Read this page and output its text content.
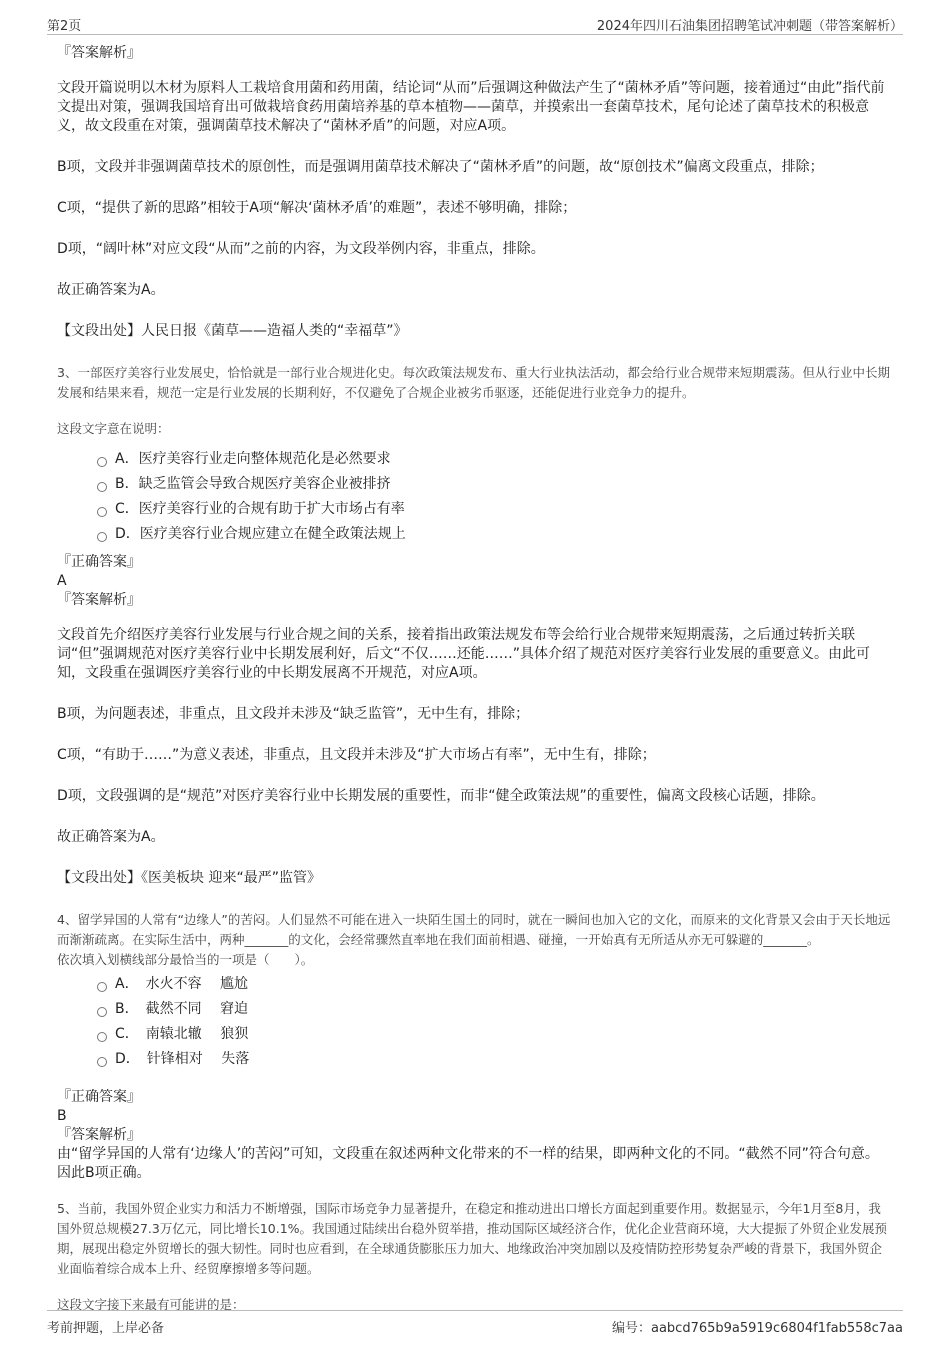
第2页	2024年四川石油集团招聘笔试冲刺题（带答案解析）
『答案解析』

文段开篇说明以木材为原料人工栽培食用菌和药用菌，结论词“从而”后强调这种做法产生了“菌林矛盾”等问题，接着通过“由此”指代前文提出对策，强调我国培育出可做栽培食药用菌培养基的草本植物——菌草，并摸索出一套菌草技术，尾句论述了菌草技术的积极意义，故文段重在对策，强调菌草技术解决了“菌林矛盾”的问题，对应A项。

B项，文段并非强调菌草技术的原创性，而是强调用菌草技术解决了“菌林矛盾”的问题，故“原创技术”偏离文段重点，排除；

C项，“提供了新的思路”相较于A项“解决‘菌林矛盾’的难题”，表述不够明确，排除；

D项，“阔叶林”对应文段“从而”之前的内容，为文段举例内容，非重点，排除。

故正确答案为A。

【文段出处】人民日报《菌草——造福人类的“幸福草”》

3、一部医疗美容行业发展史，恰恰就是一部行业合规进化史。每次政策法规发布、重大行业执法活动，都会给行业合规带来短期震荡。但从行业中长期发展和结果来看，规范一定是行业发展的长期利好，不仅避免了合规企业被劣币驱逐，还能促进行业竞争力的提升。

这段文字意在说明：

A．医疗美容行业走向整体规范化是必然要求
B．缺乏监管会导致合规医疗美容企业被排挤
C．医疗美容行业的合规有助于扩大市场占有率
D．医疗美容行业合规应建立在健全政策法规上
『正确答案』
A
『答案解析』

文段首先介绍医疗美容行业发展与行业合规之间的关系，接着指出政策法规发布等会给行业合规带来短期震荡，之后通过转折关联词“但”强调规范对医疗美容行业中长期发展利好，后文“不仅……还能……”具体介绍了规范对医疗美容行业发展的重要意义。由此可知，文段重在强调医疗美容行业的中长期发展离不开规范，对应A项。

B项，为问题表述，非重点，且文段并未涉及“缺乏监管”，无中生有，排除；

C项，“有助于……”为意义表述，非重点，且文段并未涉及“扩大市场占有率”，无中生有，排除；

D项，文段强调的是“规范”对医疗美容行业中长期发展的重要性，而非“健全政策法规”的重要性，偏离文段核心话题，排除。

故正确答案为A。

【文段出处】《医美板块 迎来“最严”监管》

4、留学异国的人常有“边缘人”的苦闷。人们显然不可能在进入一块陌生国土的同时，就在一瞬间也加入它的文化，而原来的文化背景又会由于天长地远而渐渐疏离。在实际生活中，两种_______的文化，会经常骤然直率地在我们面前相遇、碰撞，一开始真有无所适从亦无可躲避的_______。

依次填入划横线部分最恰当的一项是（　　）。

A．　水火不容　 尴尬
B．　截然不同　 窘迫
C．　南辕北辙　 狼狈
D．　针锋相对　 失落
『正确答案』
B
『答案解析』

由“留学异国的人常有‘边缘人’的苦闷”可知，文段重在叙述两种文化带来的不一样的结果，即两种文化的不同。“截然不同”符合句意。因此B项正确。

5、当前，我国外贸企业实力和活力不断增强，国际市场竞争力显著提升，在稳定和推动进出口增长方面起到重要作用。数据显示，今年1月至8月，我国外贸总规模27.3万亿元，同比增长10.1%。我国通过陆续出台稳外贸举措，推动国际区域经济合作，优化企业营商环境，大大提振了外贸企业发展预期，展现出稳定外贸增长的强大韧性。同时也应看到，在全球通货膨胀压力加大、地缘政治冲突加剧以及疫情防控形势复杂严峻的背景下，我国外贸企业面临着综合成本上升、经贸摩擦增多等问题。

这段文字接下来最有可能讲的是：

考前押题，上岸必备	编号：aabcd765b9a5919c6804f1fab558c7aa
